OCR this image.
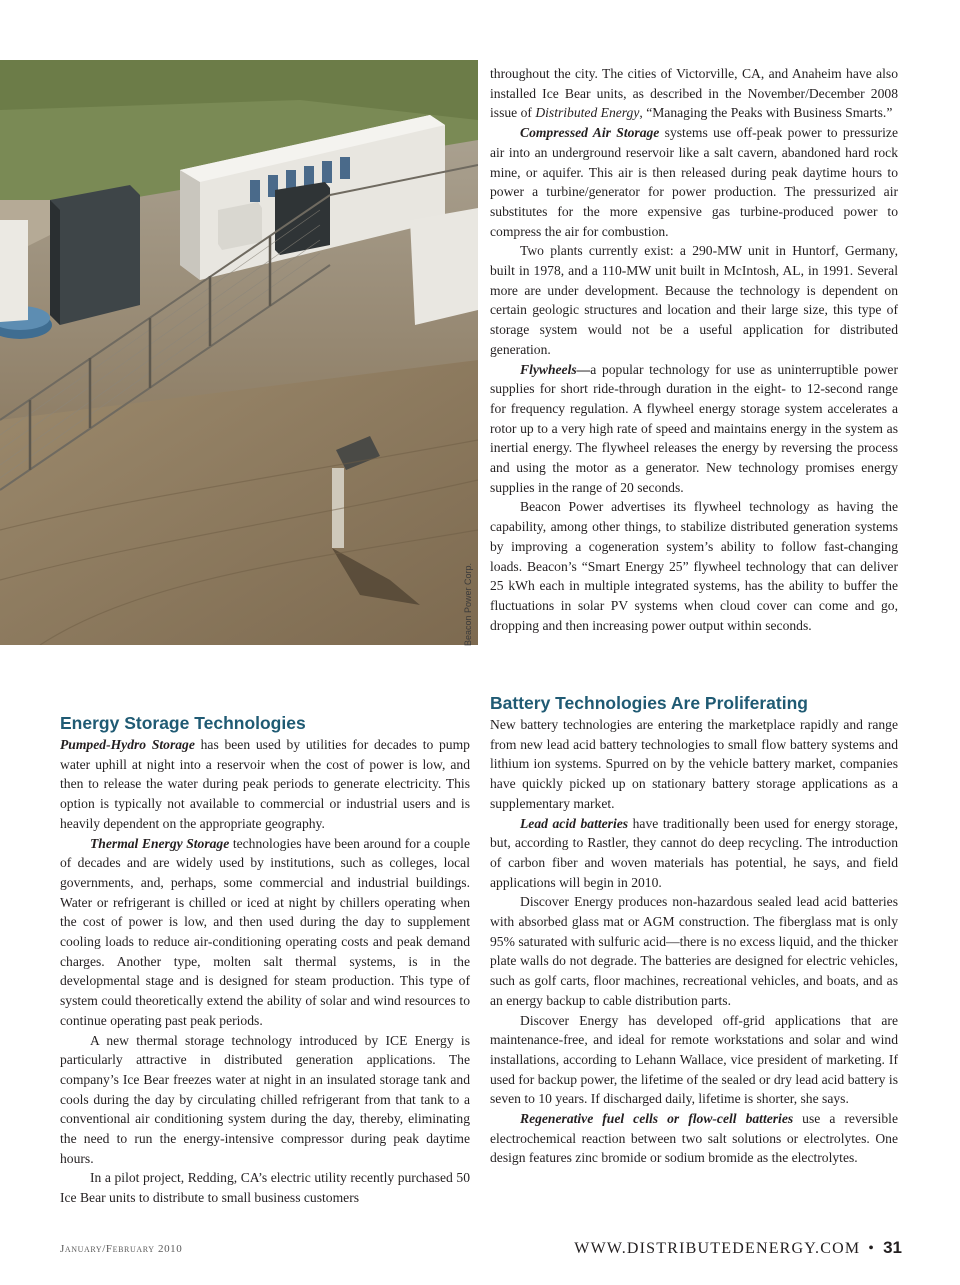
Beacon Power Corp.

throughout the city. The cities of Victorville, CA, and Anaheim have also installed Ice Bear units, as described in the November/December 2008 issue of Distributed Energy, “Managing the Peaks with Business Smarts.”

Compressed Air Storage systems use off-peak power to pressurize air into an underground reservoir like a salt cavern, abandoned hard rock mine, or aquifer. This air is then released during peak daytime hours to power a turbine/generator for power production. The pressurized air substitutes for the more expensive gas turbine-produced power to compress the air for combustion.

Two plants currently exist: a 290-MW unit in Huntorf, Germany, built in 1978, and a 110-MW unit built in McIntosh, AL, in 1991. Several more are under development. Because the technology is dependent on certain geologic structures and location and their large size, this type of storage system would not be a useful application for distributed generation.

Flywheels—a popular technology for use as uninterruptible power supplies for short ride-through duration in the eight- to 12-second range for frequency regulation. A flywheel energy storage system accelerates a rotor up to a very high rate of speed and maintains energy in the system as inertial energy. The flywheel releases the energy by reversing the process and using the motor as a generator. New technology promises energy supplies in the range of 20 seconds.

Beacon Power advertises its flywheel technology as having the capability, among other things, to stabilize distributed generation systems by improving a cogeneration system’s ability to follow fast-changing loads. Beacon’s “Smart Energy 25” flywheel technology that can deliver 25 kWh each in multiple integrated systems, has the ability to buffer the fluctuations in solar PV systems when cloud cover can come and go, dropping and then increasing power output within seconds.

Energy Storage Technologies

Pumped-Hydro Storage has been used by utilities for decades to pump water uphill at night into a reservoir when the cost of power is low, and then to release the water during peak periods to generate electricity. This option is typically not available to commercial or industrial users and is heavily dependent on the appropriate geography.

Thermal Energy Storage technologies have been around for a couple of decades and are widely used by institutions, such as colleges, local governments, and, perhaps, some commercial and industrial buildings. Water or refrigerant is chilled or iced at night by chillers operating when the cost of power is low, and then used during the day to supplement cooling loads to reduce air-conditioning operating costs and peak demand charges. Another type, molten salt thermal systems, is in the developmental stage and is designed for steam production. This type of system could theoretically extend the ability of solar and wind resources to continue operating past peak periods.

A new thermal storage technology introduced by ICE Energy is particularly attractive in distributed generation applications. The company’s Ice Bear freezes water at night in an insulated storage tank and cools during the day by circulating chilled refrigerant from that tank to a conventional air conditioning system during the day, thereby, eliminating the need to run the energy-intensive compressor during peak daytime hours.

In a pilot project, Redding, CA’s electric utility recently purchased 50 Ice Bear units to distribute to small business customers

Battery Technologies Are Proliferating

New battery technologies are entering the marketplace rapidly and range from new lead acid battery technologies to small flow battery systems and lithium ion systems. Spurred on by the vehicle battery market, companies have quickly picked up on stationary battery storage applications as a supplementary market.

Lead acid batteries have traditionally been used for energy storage, but, according to Rastler, they cannot do deep recycling. The introduction of carbon fiber and woven materials has potential, he says, and field applications will begin in 2010.

Discover Energy produces non-hazardous sealed lead acid batteries with absorbed glass mat or AGM construction. The fiberglass mat is only 95% saturated with sulfuric acid—there is no excess liquid, and the thicker plate walls do not degrade. The batteries are designed for electric vehicles, such as golf carts, floor machines, recreational vehicles, and boats, and as an energy backup to cable distribution parts.

Discover Energy has developed off-grid applications that are maintenance-free, and ideal for remote workstations and solar and wind installations, according to Lehann Wallace, vice president of marketing. If used for backup power, the lifetime of the sealed or dry lead acid battery is seven to 10 years. If discharged daily, lifetime is shorter, she says.

Regenerative fuel cells or flow-cell batteries use a reversible electrochemical reaction between two salt solutions or electrolytes. One design features zinc bromide or sodium bromide as the electrolytes.

January/February 2010	WWW.DISTRIBUTEDENERGY.COM • 31
